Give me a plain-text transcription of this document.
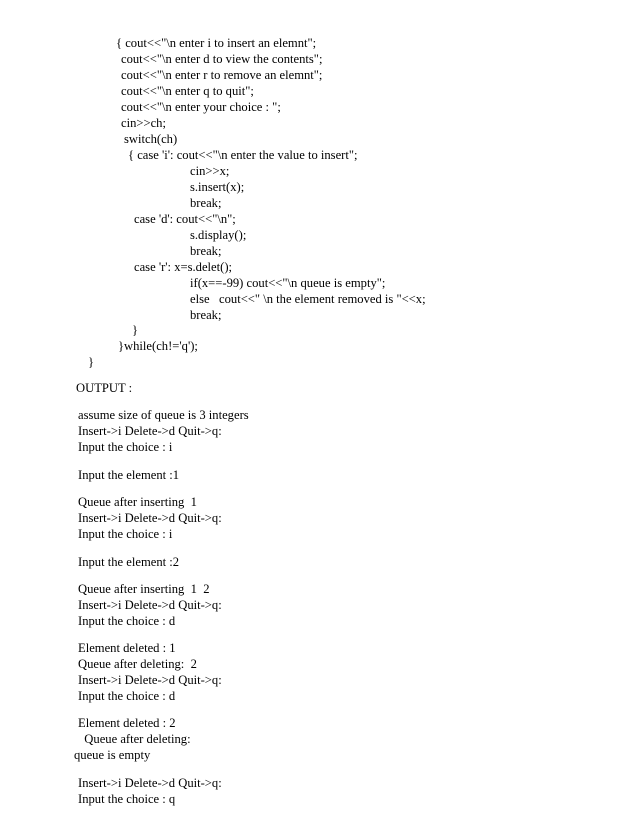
{ cout<<"\n enter i to insert an elemnt";
cout<<"\n enter d to view the contents";
cout<<"\n enter r to remove an elemnt";
cout<<"\n enter q to quit";
cout<<"\n enter your choice : ";
cin>>ch;
switch(ch)
{ case 'i': cout<<"\n enter the value to insert";
cin>>x;
s.insert(x);
break;
case 'd': cout<<"\n";
s.display();
break;
case 'r': x=s.delet();
if(x==-99) cout<<"\n queue is empty";
else   cout<<" \n the element removed is "<<x;
break;
}
}while(ch!='q');
}
OUTPUT :
assume size of queue is 3 integers
Insert->i Delete->d Quit->q:
Input the choice : i
Input the element :1
Queue after inserting  1
Insert->i Delete->d Quit->q:
Input the choice : i
Input the element :2
Queue after inserting  1  2
Insert->i Delete->d Quit->q:
Input the choice : d
Element deleted : 1
Queue after deleting:  2
Insert->i Delete->d Quit->q:
Input the choice : d
Element deleted : 2
Queue after deleting:
queue is empty
Insert->i Delete->d Quit->q:
Input the choice : q
